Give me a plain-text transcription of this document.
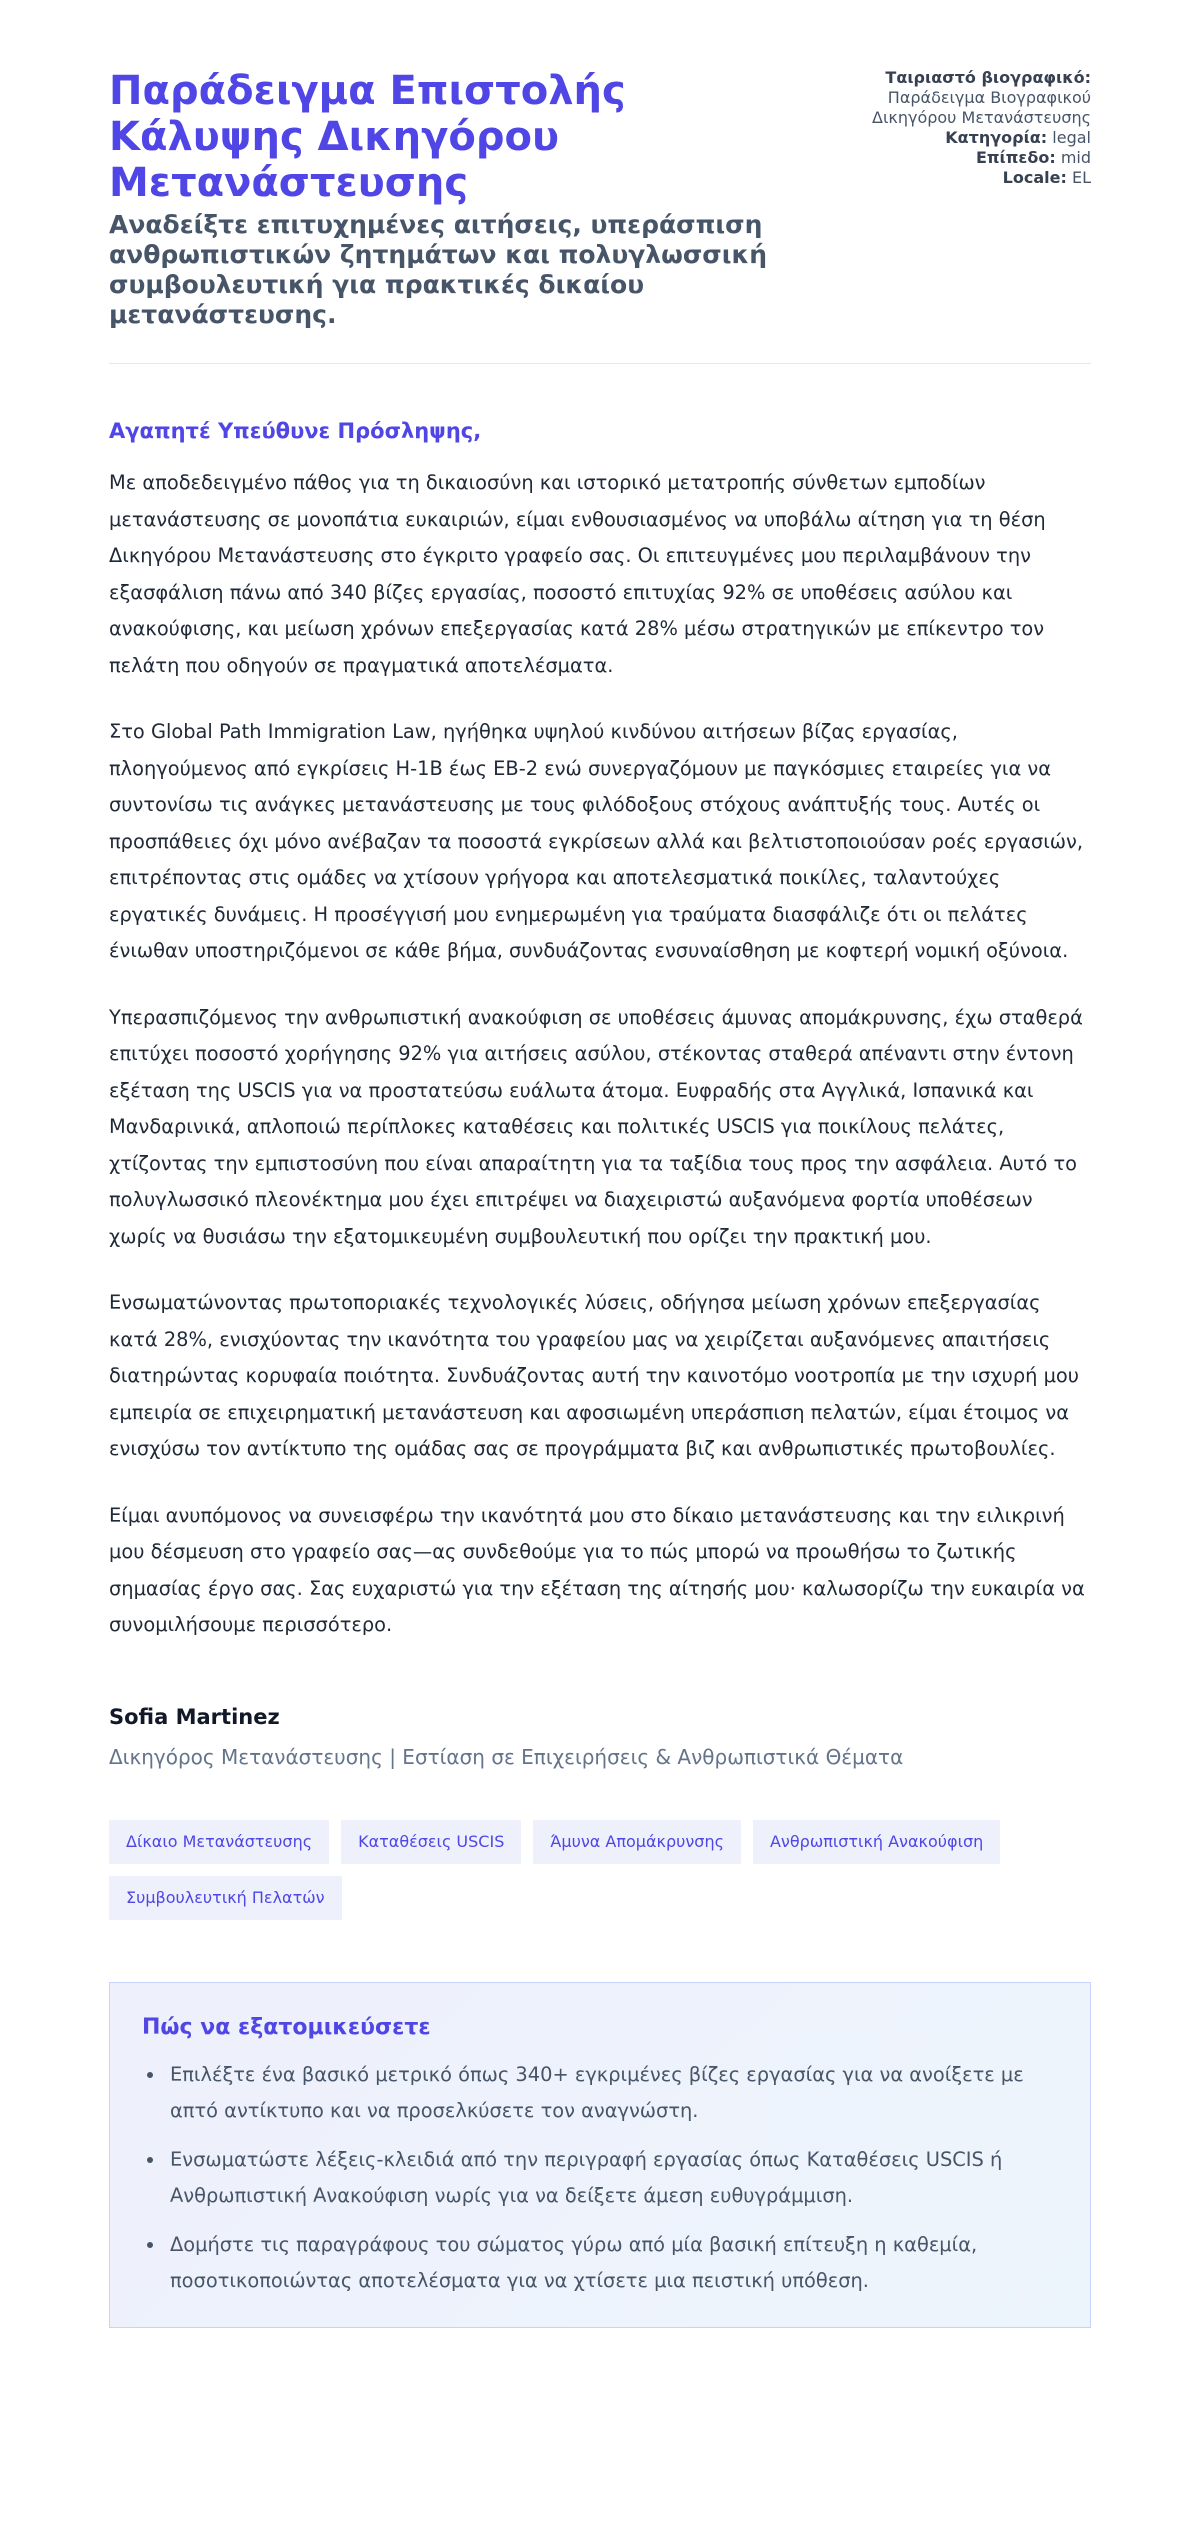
Παράδειγμα Επιστολής Κάλυψης Δικηγόρου Μετανάστευσης

Αναδείξτε επιτυχημένες αιτήσεις, υπεράσπιση ανθρωπιστικών ζητημάτων και πολυγλωσσική συμβουλευτική για πρακτικές δικαίου μετανάστευσης.

Ταιριαστό βιογραφικό:
Παράδειγμα Βιογραφικού Δικηγόρου Μετανάστευσης

Κατηγορία: legal

Επίπεδο: mid

Locale: EL

Αγαπητέ Υπεύθυνε Πρόσληψης,

Με αποδεδειγμένο πάθος για τη δικαιοσύνη και ιστορικό μετατροπής σύνθετων εμποδίων μετανάστευσης σε μονοπάτια ευκαιριών, είμαι ενθουσιασμένος να υποβάλω αίτηση για τη θέση Δικηγόρου Μετανάστευσης στο έγκριτο γραφείο σας. Οι επιτευγμένες μου περιλαμβάνουν την εξασφάλιση πάνω από 340 βίζες εργασίας, ποσοστό επιτυχίας 92% σε υποθέσεις ασύλου και ανακούφισης, και μείωση χρόνων επεξεργασίας κατά 28% μέσω στρατηγικών με επίκεντρο τον πελάτη που οδηγούν σε πραγματικά αποτελέσματα.

Στο Global Path Immigration Law, ηγήθηκα υψηλού κινδύνου αιτήσεων βίζας εργασίας, πλοηγούμενος από εγκρίσεις H-1B έως EB-2 ενώ συνεργαζόμουν με παγκόσμιες εταιρείες για να συντονίσω τις ανάγκες μετανάστευσης με τους φιλόδοξους στόχους ανάπτυξής τους. Αυτές οι προσπάθειες όχι μόνο ανέβαζαν τα ποσοστά εγκρίσεων αλλά και βελτιστοποιούσαν ροές εργασιών, επιτρέποντας στις ομάδες να χτίσουν γρήγορα και αποτελεσματικά ποικίλες, ταλαντούχες εργατικές δυνάμεις. Η προσέγγισή μου ενημερωμένη για τραύματα διασφάλιζε ότι οι πελάτες ένιωθαν υποστηριζόμενοι σε κάθε βήμα, συνδυάζοντας ενσυναίσθηση με κοφτερή νομική οξύνοια.

Υπερασπιζόμενος την ανθρωπιστική ανακούφιση σε υποθέσεις άμυνας απομάκρυνσης, έχω σταθερά επιτύχει ποσοστό χορήγησης 92% για αιτήσεις ασύλου, στέκοντας σταθερά απέναντι στην έντονη εξέταση της USCIS για να προστατεύσω ευάλωτα άτομα. Ευφραδής στα Αγγλικά, Ισπανικά και Μανδαρινικά, απλοποιώ περίπλοκες καταθέσεις και πολιτικές USCIS για ποικίλους πελάτες, χτίζοντας την εμπιστοσύνη που είναι απαραίτητη για τα ταξίδια τους προς την ασφάλεια. Αυτό το πολυγλωσσικό πλεονέκτημα μου έχει επιτρέψει να διαχειριστώ αυξανόμενα φορτία υποθέσεων χωρίς να θυσιάσω την εξατομικευμένη συμβουλευτική που ορίζει την πρακτική μου.

Ενσωματώνοντας πρωτοποριακές τεχνολογικές λύσεις, οδήγησα μείωση χρόνων επεξεργασίας κατά 28%, ενισχύοντας την ικανότητα του γραφείου μας να χειρίζεται αυξανόμενες απαιτήσεις διατηρώντας κορυφαία ποιότητα. Συνδυάζοντας αυτή την καινοτόμο νοοτροπία με την ισχυρή μου εμπειρία σε επιχειρηματική μετανάστευση και αφοσιωμένη υπεράσπιση πελατών, είμαι έτοιμος να ενισχύσω τον αντίκτυπο της ομάδας σας σε προγράμματα βιζ και ανθρωπιστικές πρωτοβουλίες.

Είμαι ανυπόμονος να συνεισφέρω την ικανότητά μου στο δίκαιο μετανάστευσης και την ειλικρινή μου δέσμευση στο γραφείο σας—ας συνδεθούμε για το πώς μπορώ να προωθήσω το ζωτικής σημασίας έργο σας. Σας ευχαριστώ για την εξέταση της αίτησής μου· καλωσορίζω την ευκαιρία να συνομιλήσουμε περισσότερο.

Sofia Martinez

Δικηγόρος Μετανάστευσης | Εστίαση σε Επιχειρήσεις & Ανθρωπιστικά Θέματα

Δίκαιο Μετανάστευσης	Καταθέσεις USCIS	Άμυνα Απομάκρυνσης	Ανθρωπιστική Ανακούφιση
Συμβουλευτική Πελατών

Πώς να εξατομικεύσετε

• Επιλέξτε ένα βασικό μετρικό όπως 340+ εγκριμένες βίζες εργασίας για να ανοίξετε με απτό αντίκτυπο και να προσελκύσετε τον αναγνώστη.
• Ενσωματώστε λέξεις-κλειδιά από την περιγραφή εργασίας όπως Καταθέσεις USCIS ή Ανθρωπιστική Ανακούφιση νωρίς για να δείξετε άμεση ευθυγράμμιση.
• Δομήστε τις παραγράφους του σώματος γύρω από μία βασική επίτευξη η καθεμία, ποσοτικοποιώντας αποτελέσματα για να χτίσετε μια πειστική υπόθεση.
